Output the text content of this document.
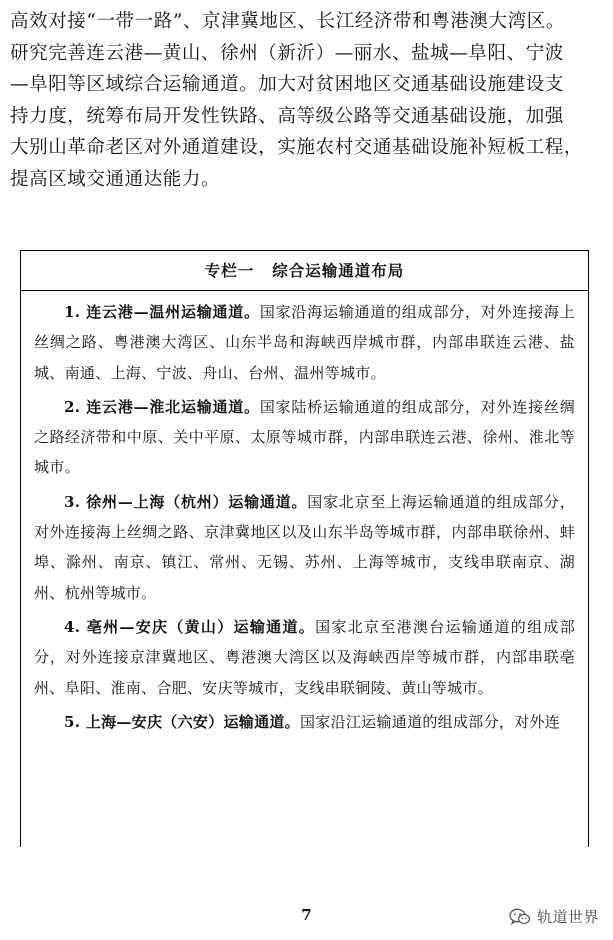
高效对接“一带一路”、京津冀地区、长江经济带和粤港澳大湾区。

研究完善连云港—黄山、徐州（新沂）—丽水、盐城—阜阳、宁波

—阜阳等区域综合运输通道。加大对贫困地区交通基础设施建设支

持力度，统筹布局开发性铁路、高等级公路等交通基础设施，加强

大别山革命老区对外通道建设，实施农村交通基础设施补短板工程，

提高区域交通通达能力。

专栏一 综合运输通道布局

1. 连云港—温州运输通道。国家沿海运输通道的组成部分，对外连接海上丝绸之路、粤港澳大湾区、山东半岛和海峡西岸城市群，内部串联连云港、盐城、南通、上海、宁波、舟山、台州、温州等城市。

2. 连云港—淮北运输通道。国家陆桥运输通道的组成部分，对外连接丝绸之路经济带和中原、关中平原、太原等城市群，内部串联连云港、徐州、淮北等城市。

3. 徐州—上海（杭州）运输通道。国家北京至上海运输通道的组成部分，对外连接海上丝绸之路、京津冀地区以及山东半岛等城市群，内部串联徐州、蚌埠、滁州、南京、镇江、常州、无锡、苏州、上海等城市，支线串联南京、湖州、杭州等城市。

4. 亳州—安庆（黄山）运输通道。国家北京至港澳台运输通道的组成部分，对外连接京津冀地区、粤港澳大湾区以及海峡西岸等城市群，内部串联亳州、阜阳、淮南、合肥、安庆等城市，支线串联铜陵、黄山等城市。

5. 上海—安庆（六安）运输通道。国家沿江运输通道的组成部分，对外连

7	轨道世界
